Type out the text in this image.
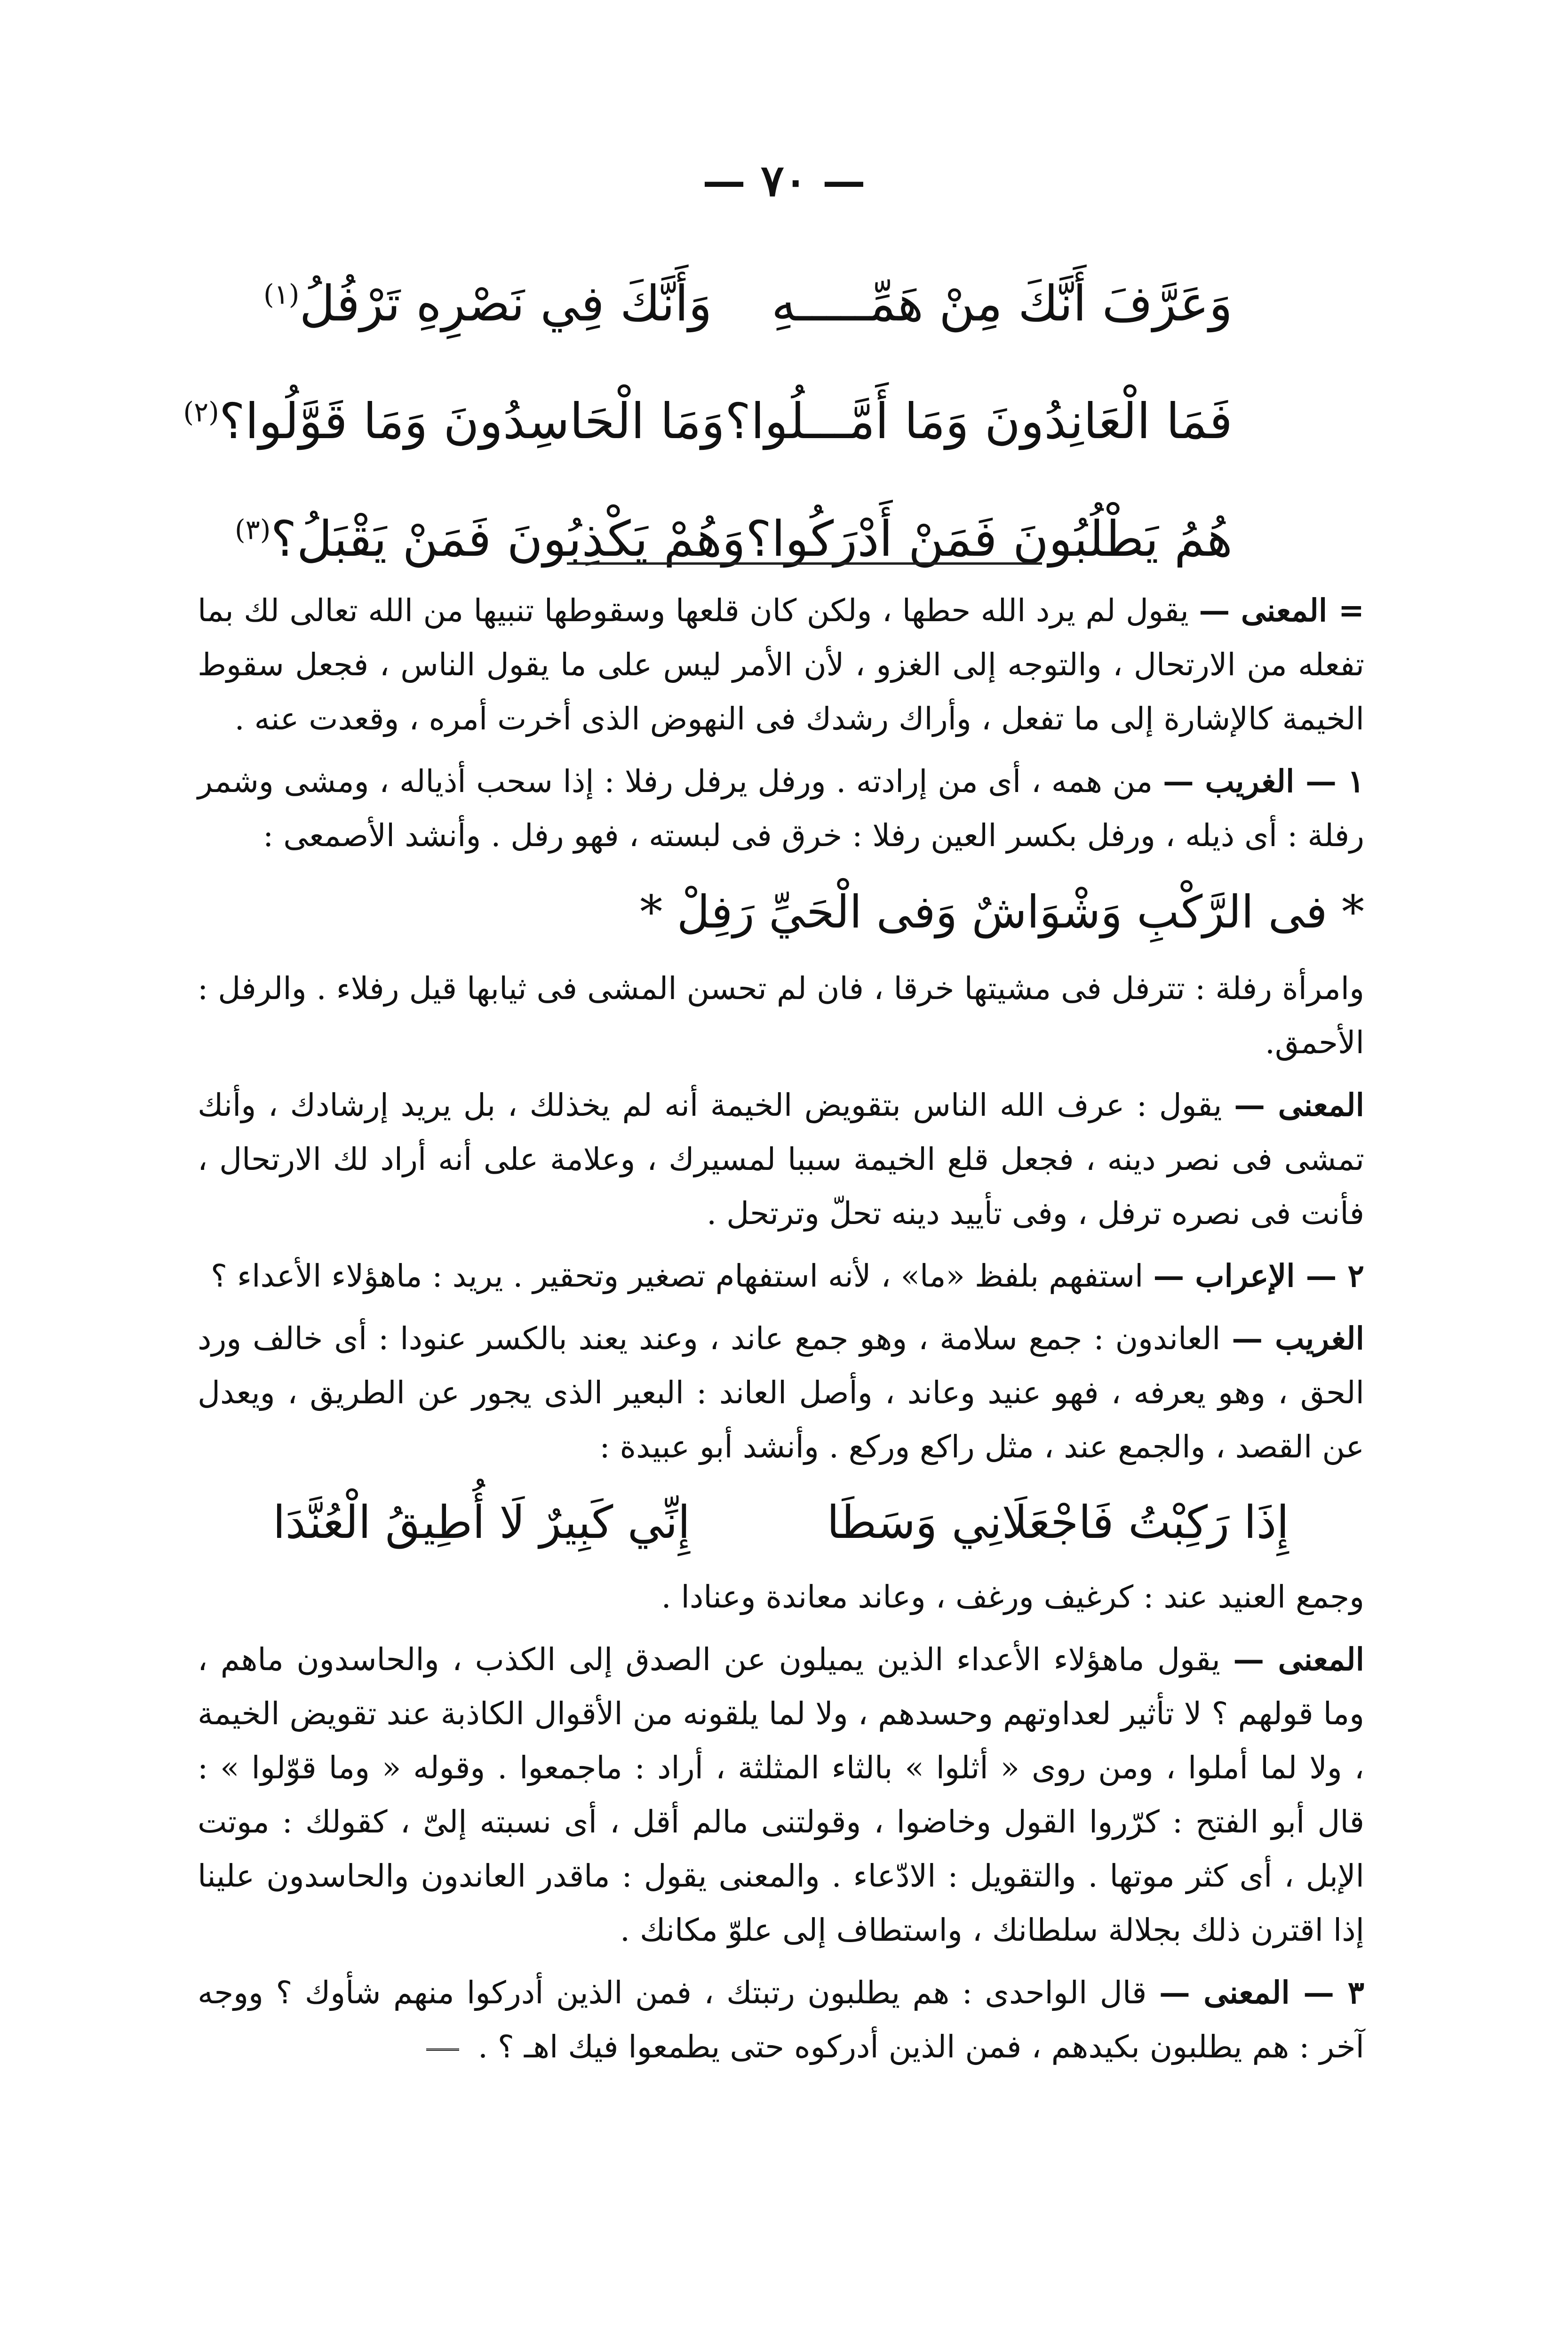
— ٧٠ —
وَعَرَّفَ أَنَّكَ مِنْ هَمِّـــــهِ
وَأَنَّكَ فِي نَصْرِهِ تَرْفُلُ$^{(١)}$
فَمَا الْعَانِدُونَ وَمَا أَمَّـــلُوا؟
وَمَا الْحَاسِدُونَ وَمَا قَوَّلُوا؟$^{(٢)}$
هُمُ يَطْلُبُونَ فَمَنْ أَدْرَكُوا؟
وَهُمْ يَكْذِبُونَ فَمَنْ يَقْبَلُ؟$^{(٣)}$

= المعنى — يقول لم يرد الله حطها ، ولكن كان قلعها وسقوطها تنبيها من الله تعالى لك بما تفعله من الارتحال ، والتوجه إلى الغزو ، لأن الأمر ليس على ما يقول الناس ، فجعل سقوط الخيمة كالإشارة إلى ما تفعل ، وأراك رشدك فى النهوض الذى أخرت أمره ، وقعدت عنه .

١ — الغريب — من همه ، أى من إرادته . ورفل يرفل رفلا : إذا سحب أذياله ، ومشى وشمر رفلة : أى ذيله ، ورفل بكسر العين رفلا : خرق فى لبسته ، فهو رفل . وأنشد الأصمعى :

* فى الرَّكْبِ وَشْوَاشٌ وَفى الْحَيِّ رَفِلْ *

وامرأة رفلة : تترفل فى مشيتها خرقا ، فان لم تحسن المشى فى ثيابها قيل رفلاء . والرفل : الأحمق.

المعنى — يقول : عرف الله الناس بتقويض الخيمة أنه لم يخذلك ، بل يريد إرشادك ، وأنك تمشى فى نصر دينه ، فجعل قلع الخيمة سببا لمسيرك ، وعلامة على أنه أراد لك الارتحال ، فأنت فى نصره ترفل ، وفى تأييد دينه تحلّ وترتحل .

٢ — الإعراب — استفهم بلفظ «ما» ، لأنه استفهام تصغير وتحقير . يريد : ماهؤلاء الأعداء ؟

الغريب — العاندون : جمع سلامة ، وهو جمع عاند ، وعند يعند بالكسر عنودا : أى خالف ورد الحق ، وهو يعرفه ، فهو عنيد وعاند ، وأصل العاند : البعير الذى يجور عن الطريق ، ويعدل عن القصد ، والجمع عند ، مثل راكع وركع . وأنشد أبو عبيدة :

إِذَا رَكِبْتُ فَاجْعَلَانِي وَسَطَا
إِنِّي كَبِيرٌ لَا أُطِيقُ الْعُنَّدَا

وجمع العنيد عند : كرغيف ورغف ، وعاند معاندة وعنادا .

المعنى — يقول ماهؤلاء الأعداء الذين يميلون عن الصدق إلى الكذب ، والحاسدون ماهم ، وما قولهم ؟ لا تأثير لعداوتهم وحسدهم ، ولا لما يلقونه من الأقوال الكاذبة عند تقويض الخيمة ، ولا لما أملوا ، ومن روى « أثلوا » بالثاء المثلثة ، أراد : ماجمعوا . وقوله « وما قوّلوا » : قال أبو الفتح : كرّروا القول وخاضوا ، وقولتنى مالم أقل ، أى نسبته إلىّ ، كقولك : موتت الإبل ، أى كثر موتها . والتقويل : الادّعاء . والمعنى يقول : ماقدر العاندون والحاسدون علينا إذا اقترن ذلك بجلالة سلطانك ، واستطاف إلى علوّ مكانك .

٣ — المعنى — قال الواحدى : هم يطلبون رتبتك ، فمن الذين أدركوا منهم شأوك ؟ ووجه آخر : هم يطلبون بكيدهم ، فمن الذين أدركوه حتى يطمعوا فيك اهـ ؟ .
